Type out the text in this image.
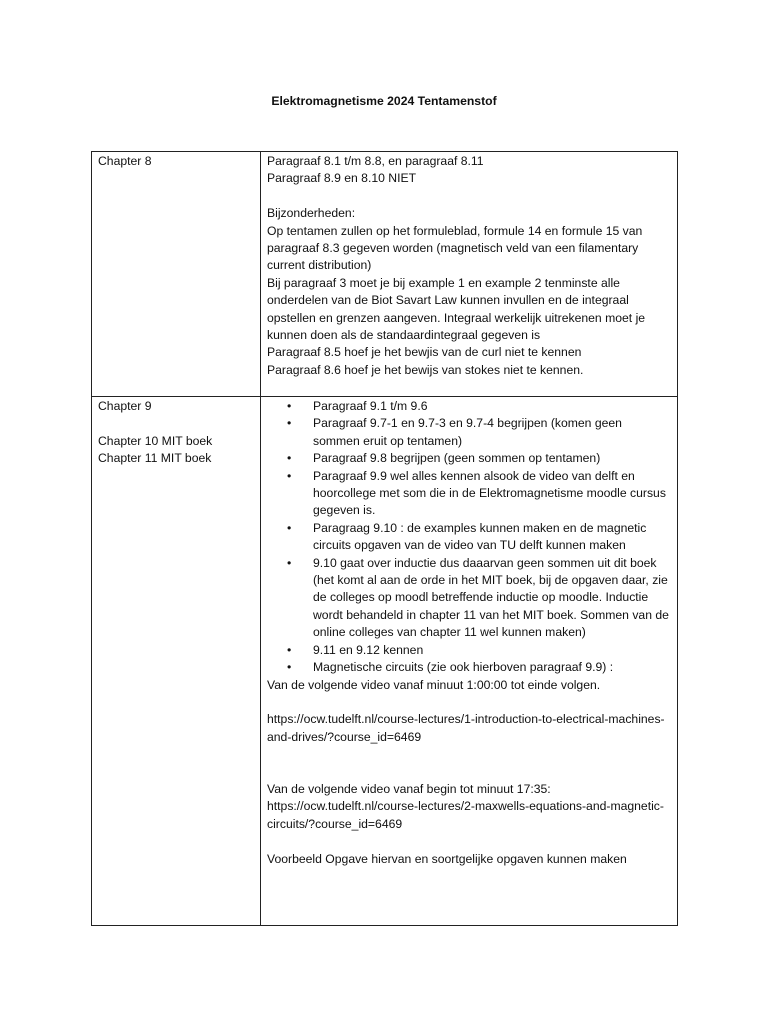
Elektromagnetisme 2024 Tentamenstof

Chapter 8	Paragraaf 8.1 t/m 8.8, en paragraaf 8.11

Paragraaf 8.9 en 8.10 NIET

Bijzonderheden:

Op tentamen zullen op het formuleblad, formule 14 en formule 15 van paragraaf 8.3 gegeven worden (magnetisch veld van een filamentary current distribution)

Bij paragraaf 3 moet je bij example 1 en example 2 tenminste alle onderdelen van de Biot Savart Law kunnen invullen en de integraal opstellen en grenzen aangeven. Integraal werkelijk uitrekenen moet je kunnen doen als de standaardintegraal gegeven is

Paragraaf 8.5 hoef je het bewjis van de curl niet te kennen

Paragraaf 8.6 hoef je het bewijs van stokes niet te kennen.

Chapter 9

Chapter 10 MIT boek

Chapter 11 MIT boek

• Paragraaf 9.1 t/m 9.6
• Paragraaf 9.7-1 en 9.7-3 en 9.7-4 begrijpen (komen geen sommen eruit op tentamen)
• Paragraaf 9.8 begrijpen (geen sommen op tentamen)
• Paragraaf 9.9 wel alles kennen alsook de video van delft en hoorcollege met som die in de Elektromagnetisme moodle cursus gegeven is.
• Paragraag 9.10 : de examples kunnen maken en de magnetic circuits opgaven van de video van TU delft kunnen maken
• 9.10 gaat over inductie dus daaarvan geen sommen uit dit boek (het komt al aan de orde in het MIT boek, bij de opgaven daar, zie de colleges op moodl betreffende inductie op moodle. Inductie wordt behandeld in chapter 11 van het MIT boek. Sommen van de online colleges van chapter 11 wel kunnen maken)
• 9.11 en 9.12 kennen
• Magnetische circuits (zie ook hierboven paragraaf 9.9) :

Van de volgende video vanaf minuut 1:00:00 tot einde volgen.

https://ocw.tudelft.nl/course-lectures/1-introduction-to-electrical-machines-and-drives/?course_id=6469

Van de volgende video vanaf begin tot minuut 17:35:

https://ocw.tudelft.nl/course-lectures/2-maxwells-equations-and-magnetic-circuits/?course_id=6469

Voorbeeld Opgave hiervan en soortgelijke opgaven kunnen maken
